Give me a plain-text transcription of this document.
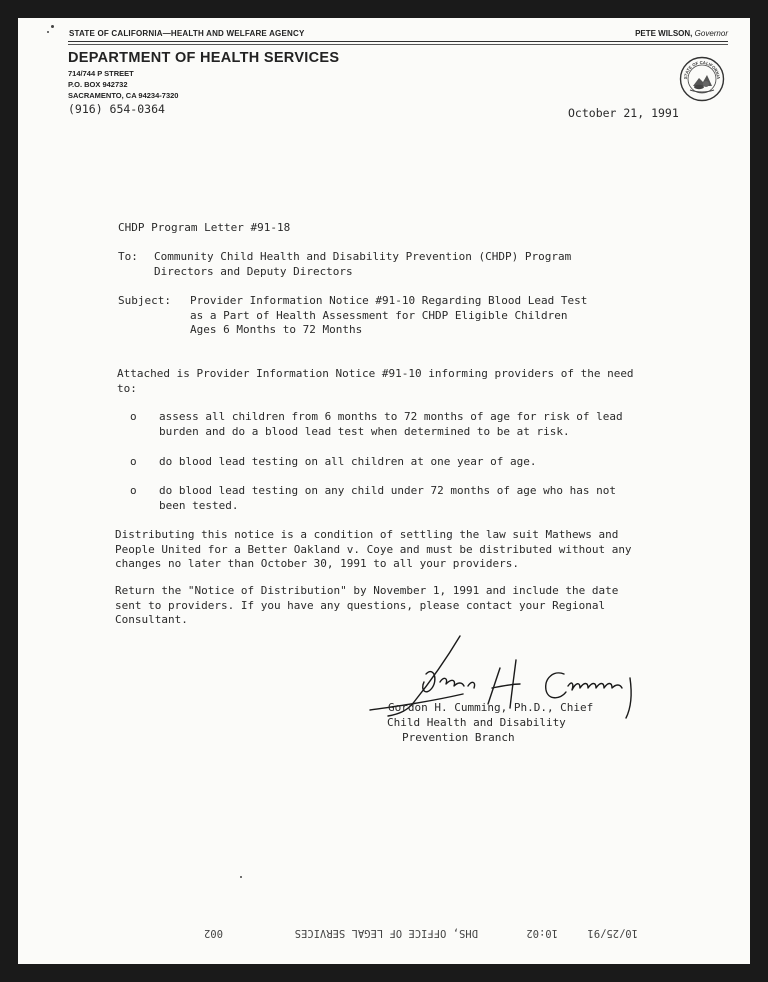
STATE OF CALIFORNIA—HEALTH AND WELFARE AGENCY	PETE WILSON, Governor
DEPARTMENT OF HEALTH SERVICES
714/744 P STREET
P.O. BOX 942732
SACRAMENTO, CA 94234-7320
(916) 654-0364
STATE OF CALIFORNIA
October 21, 1991
CHDP Program Letter #91-18
To: Community Child Health and Disability Prevention (CHDP) Program
Directors and Deputy Directors
Subject: Provider Information Notice #91-10 Regarding Blood Lead Test
as a Part of Health Assessment for CHDP Eligible Children
Ages 6 Months to 72 Months
Attached is Provider Information Notice #91-10 informing providers of the need
to:
o assess all children from 6 months to 72 months of age for risk of lead
burden and do a blood lead test when determined to be at risk.
o do blood lead testing on all children at one year of age.
o do blood lead testing on any child under 72 months of age who has not
been tested.
Distributing this notice is a condition of settling the law suit Mathews and
People United for a Better Oakland v. Coye and must be distributed without any
changes no later than October 30, 1991 to all your providers.
Return the "Notice of Distribution" by November 1, 1991 and include the date
sent to providers. If you have any questions, please contact your Regional
Consultant.
Gordon H. Cumming, Ph.D., Chief
Child Health and Disability
Prevention Branch
10/25/91
10:02
DHS, OFFICE OF LEGAL SERVICES
002
